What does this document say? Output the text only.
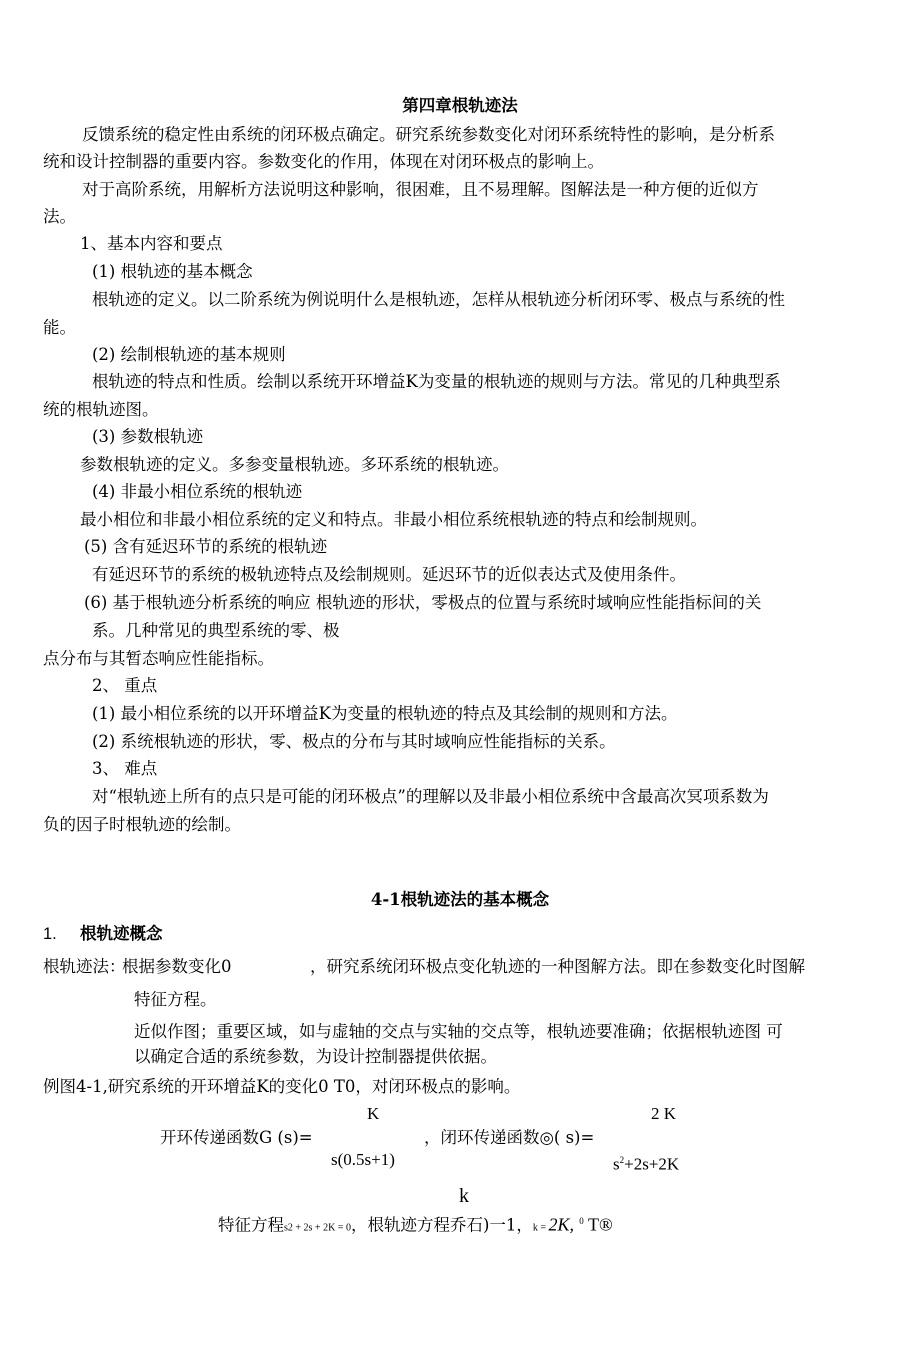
第四章根轨迹法
反馈系统的稳定性由系统的闭环极点确定。研究系统参数变化对闭环系统特性的影响，是分析系
统和设计控制器的重要内容。参数变化的作用，体现在对闭环极点的影响上。
对于高阶系统，用解析方法说明这种影响，很困难，且不易理解。图解法是一种方便的近似方
法。
1、基本内容和要点
(1) 根轨迹的基本概念
根轨迹的定义。以二阶系统为例说明什么是根轨迹，怎样从根轨迹分析闭环零、极点与系统的性
能。
(2) 绘制根轨迹的基本规则
根轨迹的特点和性质。绘制以系统开环增益K为变量的根轨迹的规则与方法。常见的几种典型系
统的根轨迹图。
(3) 参数根轨迹
参数根轨迹的定义。多参变量根轨迹。多环系统的根轨迹。
(4) 非最小相位系统的根轨迹
最小相位和非最小相位系统的定义和特点。非最小相位系统根轨迹的特点和绘制规则。
(5) 含有延迟环节的系统的根轨迹
有延迟环节的系统的极轨迹特点及绘制规则。延迟环节的近似表达式及使用条件。
(6) 基于根轨迹分析系统的响应 根轨迹的形状，零极点的位置与系统时域响应性能指标间的关
系。几种常见的典型系统的零、极
点分布与其暂态响应性能指标。
2、 重点
(1) 最小相位系统的以开环增益K为变量的根轨迹的特点及其绘制的规则和方法。
(2) 系统根轨迹的形状，零、极点的分布与其时域响应性能指标的关系。
3、 难点
对“根轨迹上所有的点只是可能的闭环极点”的理解以及非最小相位系统中含最高次冥项系数为
负的因子时根轨迹的绘制。
4-1根轨迹法的基本概念
1. 根轨迹概念
根轨迹法：
根据参数变化0	，研究系统闭环极点变化轨迹的一种图解方法。即在参数变化时图解
特征方程。
近似作图；重要区域，如与虚轴的交点与实轴的交点等，根轨迹要准确；依据根轨迹图 可
以确定合适的系统参数，为设计控制器提供依据。
例图4-1,研究系统的开环增益K的变化0 T0，对闭环极点的影响。
K	2 K
开环传递函数G (s)=	，闭环传递函数◎( s)=
s(0.5s+1)	$s^2+2s+2K$
k
特征方程s2 + 2s + 2K = 0，根轨迹方程乔石)一1，k = 2K, $^0$ T®
